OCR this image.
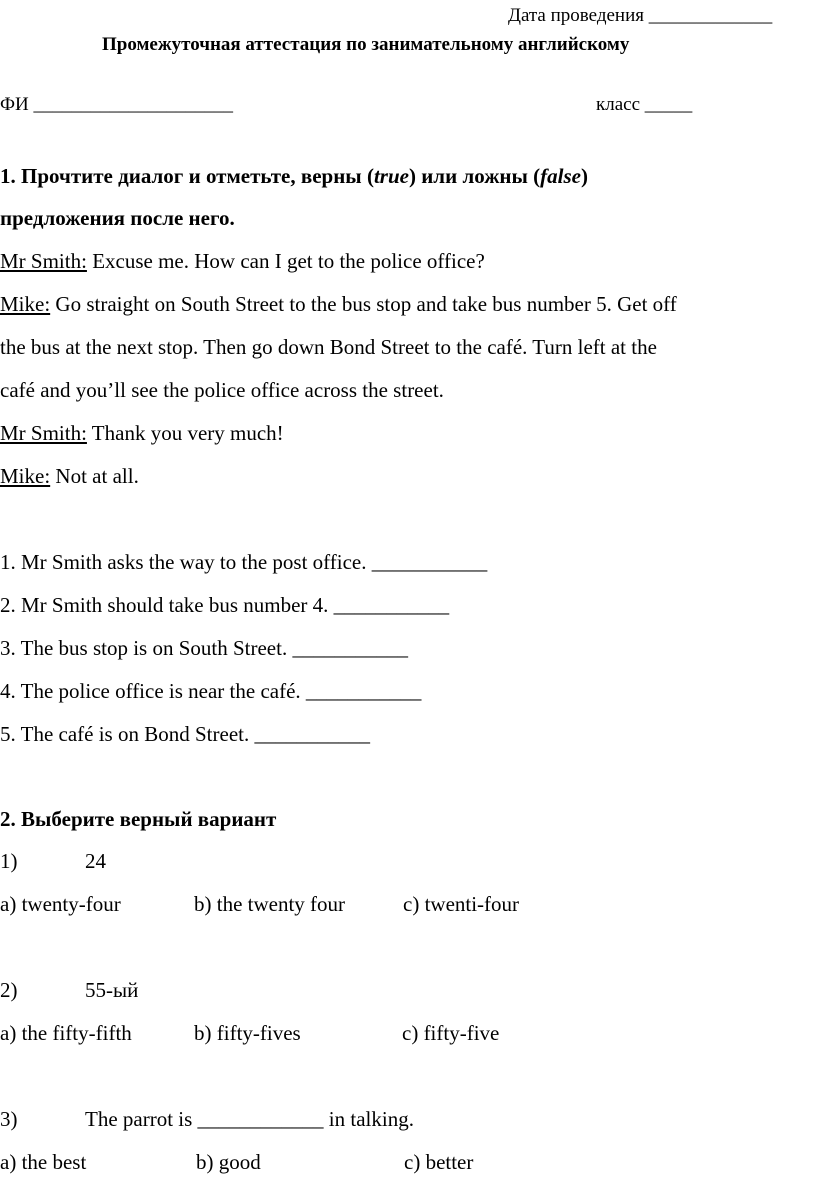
Дата проведения _____________
Промежуточная аттестация по занимательному английскому
ФИ _____________________	класс _____
1. Прочтите диалог и отметьте, верны (true) или ложны (false)
предложения после него.
Mr Smith: Excuse me. How can I get to the police office?
Mike: Go straight on South Street to the bus stop and take bus number 5. Get off
the bus at the next stop. Then go down Bond Street to the café. Turn left at the
café and you’ll see the police office across the street.
Mr Smith: Thank you very much!
Mike: Not at all.
1. Mr Smith asks the way to the post office. ___________
2. Mr Smith should take bus number 4. ___________
3. The bus stop is on South Street. ___________
4. The police office is near the café. ___________
5. The café is on Bond Street. ___________
2. Выберите верный вариант
1)	24
a) twenty-four	b) the twenty four	c) twenti-four
2)	55-ый
a) the fifty-fifth	b) fifty-fives	c) fifty-five
3)	The parrot is ____________ in talking.
a) the best	b) good	c) better
